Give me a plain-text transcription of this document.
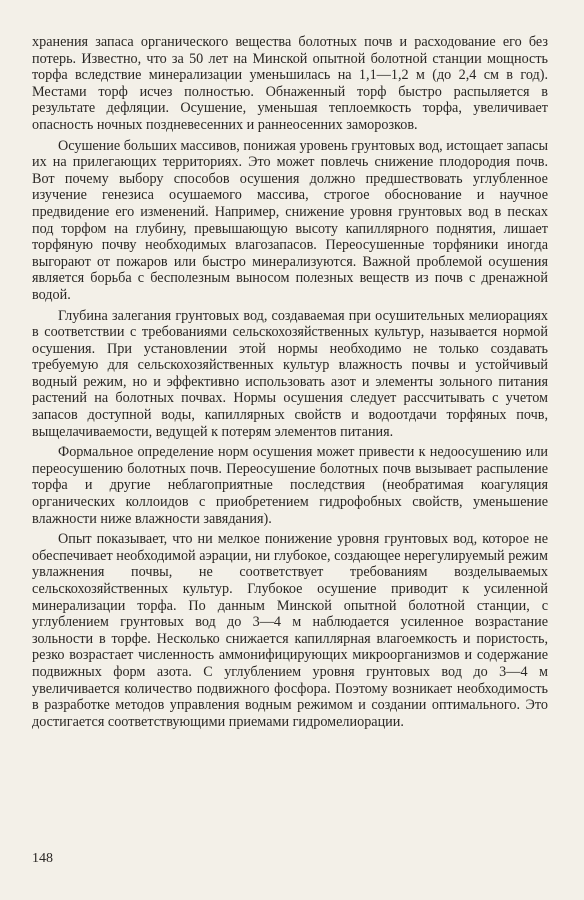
хранения запаса органического вещества болотных почв и расходование его без потерь. Известно, что за 50 лет на Минской опытной болотной станции мощность торфа вследствие минерализации уменьшилась на 1,1—1,2 м (до 2,4 см в год). Местами торф исчез полностью. Обнаженный торф быстро распыляется в результате дефляции. Осушение, уменьшая теплоемкость торфа, увеличивает опасность ночных поздневесенних и раннеосенних заморозков.

Осушение больших массивов, понижая уровень грунтовых вод, истощает запасы их на прилегающих территориях. Это может повлечь снижение плодородия почв. Вот почему выбору способов осушения должно предшествовать углубленное изучение генезиса осушаемого массива, строгое обоснование и научное предвидение его изменений. Например, снижение уровня грунтовых вод в песках под торфом на глубину, превышающую высоту капиллярного поднятия, лишает торфяную почву необходимых влагозапасов. Переосушенные торфяники иногда выгорают от пожаров или быстро минерализуются. Важной проблемой осушения является борьба с бесполезным выносом полезных веществ из почв с дренажной водой.

Глубина залегания грунтовых вод, создаваемая при осушительных мелиорациях в соответствии с требованиями сельскохозяйственных культур, называется нормой осушения. При установлении этой нормы необходимо не только создавать требуемую для сельскохозяйственных культур влажность почвы и устойчивый водный режим, но и эффективно использовать азот и элементы зольного питания растений на болотных почвах. Нормы осушения следует рассчитывать с учетом запасов доступной воды, капиллярных свойств и водоотдачи торфяных почв, выщелачиваемости, ведущей к потерям элементов питания.

Формальное определение норм осушения может привести к недоосушению или переосушению болотных почв. Переосушение болотных почв вызывает распыление торфа и другие неблагоприятные последствия (необратимая коагуляция органических коллоидов с приобретением гидрофобных свойств, уменьшение влажности ниже влажности завядания).

Опыт показывает, что ни мелкое понижение уровня грунтовых вод, которое не обеспечивает необходимой аэрации, ни глубокое, создающее нерегулируемый режим увлажнения почвы, не соответствует требованиям возделываемых сельскохозяйственных культур. Глубокое осушение приводит к усиленной минерализации торфа. По данным Минской опытной болотной станции, с углублением грунтовых вод до 3—4 м наблюдается усиленное возрастание зольности в торфе. Несколько снижается капиллярная влагоемкость и пористость, резко возрастает численность аммонифицирующих микроорганизмов и содержание подвижных форм азота. С углублением уровня грунтовых вод до 3—4 м увеличивается количество подвижного фосфора. Поэтому возникает необходимость в разработке методов управления водным режимом и создании оптимального. Это достигается соответствующими приемами гидромелиорации.

148
